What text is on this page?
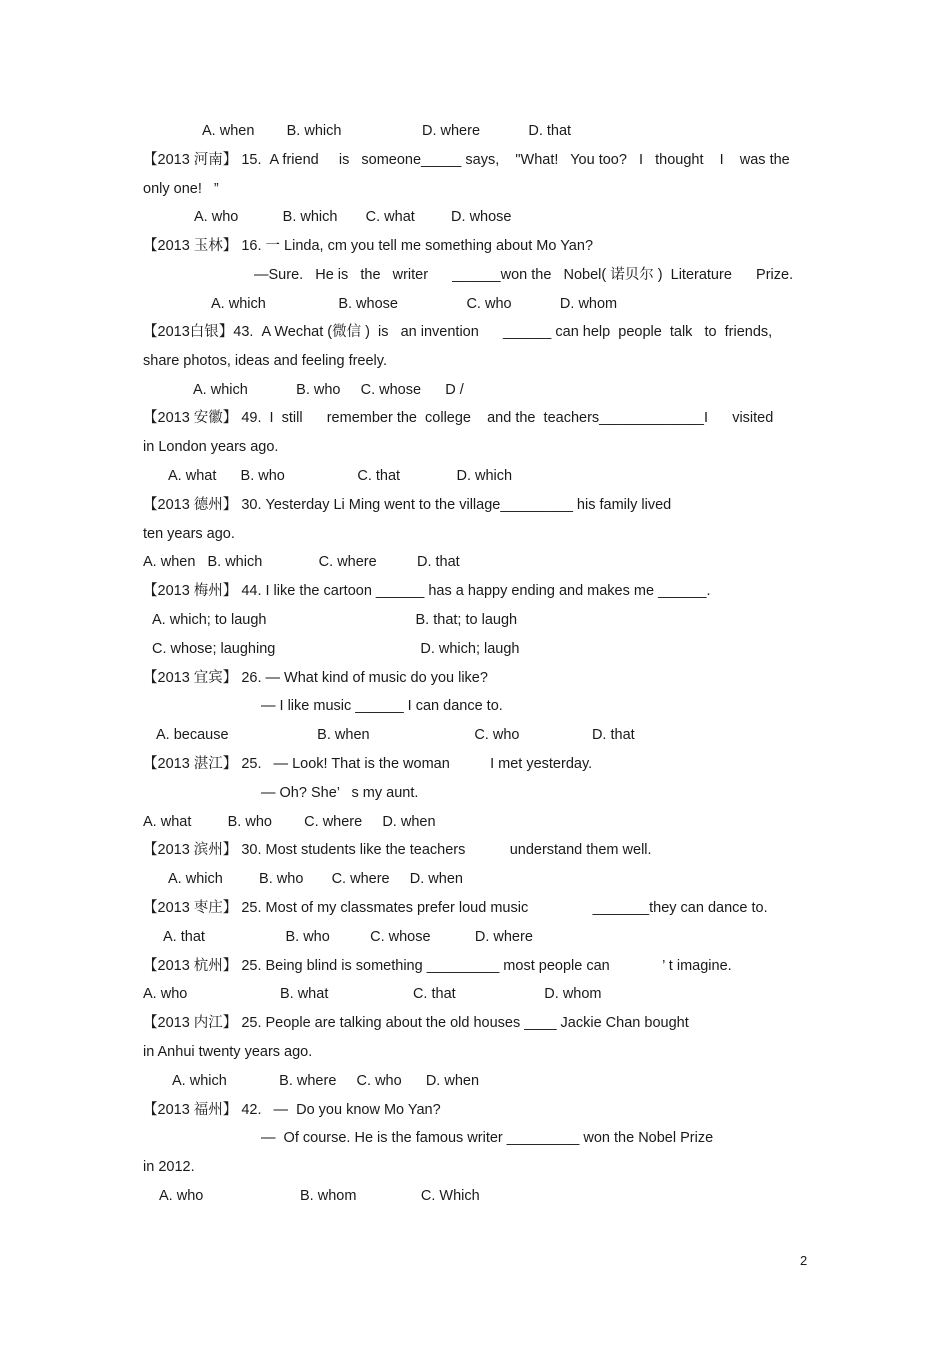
A. when        B. which                    D. where            D. that
【2013 河南】 15.  A friend     is   someone_____ says,    "What!   You too?   I   thought    I    was the
only one!   ”
A. who           B. which       C. what         D. whose
【2013 玉林】 16. 一 Linda, cm you tell me something about Mo Yan?
—Sure.   He is   the   writer      ______won the   Nobel( 诺贝尔 )  Literature      Prize.
A. which                  B. whose                 C. who            D. whom
【2013白银】43.  A Wechat (微信 )  is   an invention      ______ can help  people  talk   to  friends,
share photos, ideas and feeling freely.
A. which            B. who     C. whose      D /
【2013 安徽】 49.  I  still      remember the  college    and the  teachers_____________I      visited
in London years ago.
A. what      B. who                  C. that              D. which
【2013 德州】 30. Yesterday Li Ming went to the village_________ his family lived
ten years ago.
A. when   B. which              C. where          D. that
【2013 梅州】 44. I like the cartoon ______ has a happy ending and makes me ______.
A. which; to laugh                                     B. that; to laugh
C. whose; laughing                                    D. which; laugh
【2013 宜宾】 26. — What kind of music do you like?
— I like music ______ I can dance to.
A. because                      B. when                          C. who                  D. that
【2013 湛江】 25.   — Look! That is the woman          I met yesterday.
— Oh? She’   s my aunt.
A. what         B. who        C. where     D. when
【2013 滨州】 30. Most students like the teachers           understand them well.
A. which         B. who       C. where     D. when
【2013 枣庄】 25. Most of my classmates prefer loud music                _______they can dance to.
A. that                    B. who          C. whose           D. where
【2013 杭州】 25. Being blind is something _________ most people can             ’ t imagine.
A. who                       B. what                     C. that                      D. whom
【2013 内江】 25. People are talking about the old houses ____ Jackie Chan bought
in Anhui twenty years ago.
A. which             B. where     C. who      D. when
【2013 福州】 42.   —  Do you know Mo Yan?
—  Of course. He is the famous writer _________ won the Nobel Prize
in 2012.
A. who                        B. whom                C. Which
2
